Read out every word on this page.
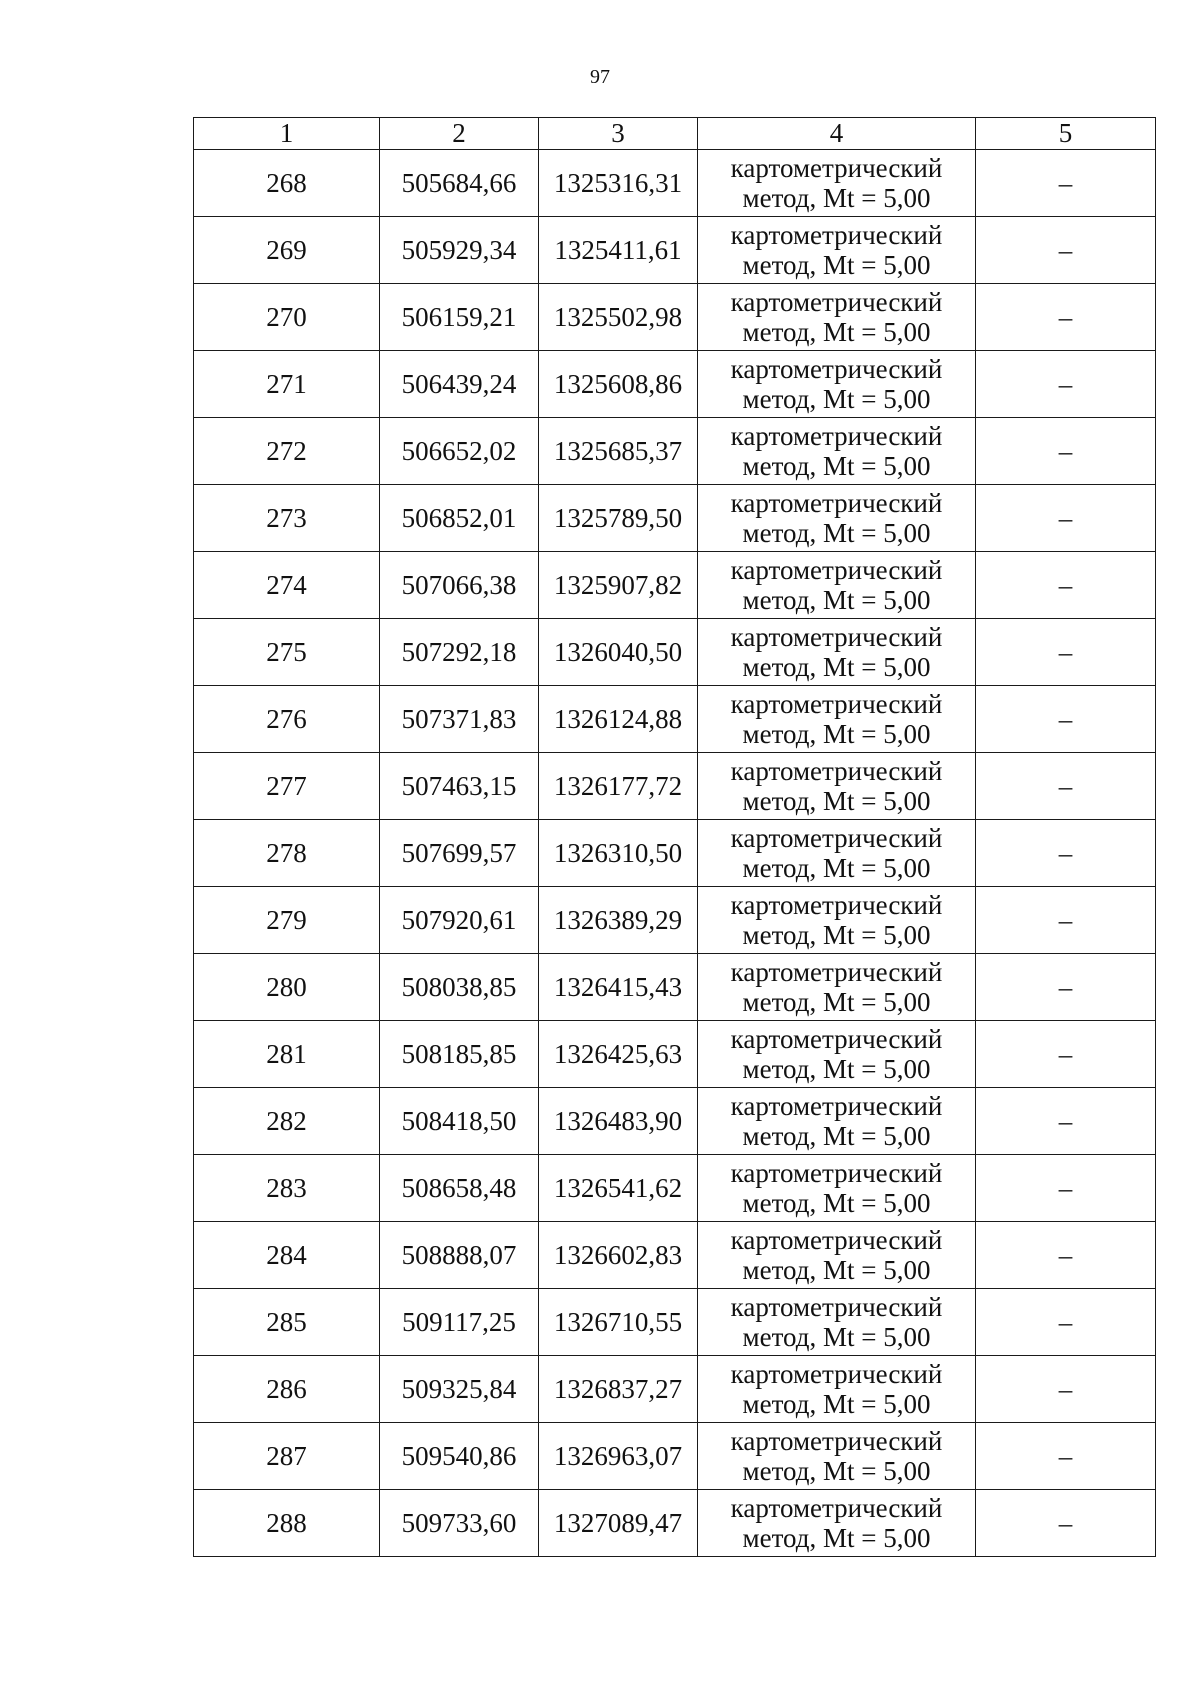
97
1	2	3	4	5
268	505684,66	1325316,31	картометрический
метод, Mt = 5,00	–
269	505929,34	1325411,61	картометрический
метод, Mt = 5,00	–
270	506159,21	1325502,98	картометрический
метод, Mt = 5,00	–
271	506439,24	1325608,86	картометрический
метод, Mt = 5,00	–
272	506652,02	1325685,37	картометрический
метод, Mt = 5,00	–
273	506852,01	1325789,50	картометрический
метод, Mt = 5,00	–
274	507066,38	1325907,82	картометрический
метод, Mt = 5,00	–
275	507292,18	1326040,50	картометрический
метод, Mt = 5,00	–
276	507371,83	1326124,88	картометрический
метод, Mt = 5,00	–
277	507463,15	1326177,72	картометрический
метод, Mt = 5,00	–
278	507699,57	1326310,50	картометрический
метод, Mt = 5,00	–
279	507920,61	1326389,29	картометрический
метод, Mt = 5,00	–
280	508038,85	1326415,43	картометрический
метод, Mt = 5,00	–
281	508185,85	1326425,63	картометрический
метод, Mt = 5,00	–
282	508418,50	1326483,90	картометрический
метод, Mt = 5,00	–
283	508658,48	1326541,62	картометрический
метод, Mt = 5,00	–
284	508888,07	1326602,83	картометрический
метод, Mt = 5,00	–
285	509117,25	1326710,55	картометрический
метод, Mt = 5,00	–
286	509325,84	1326837,27	картометрический
метод, Mt = 5,00	–
287	509540,86	1326963,07	картометрический
метод, Mt = 5,00	–
288	509733,60	1327089,47	картометрический
метод, Mt = 5,00	–
